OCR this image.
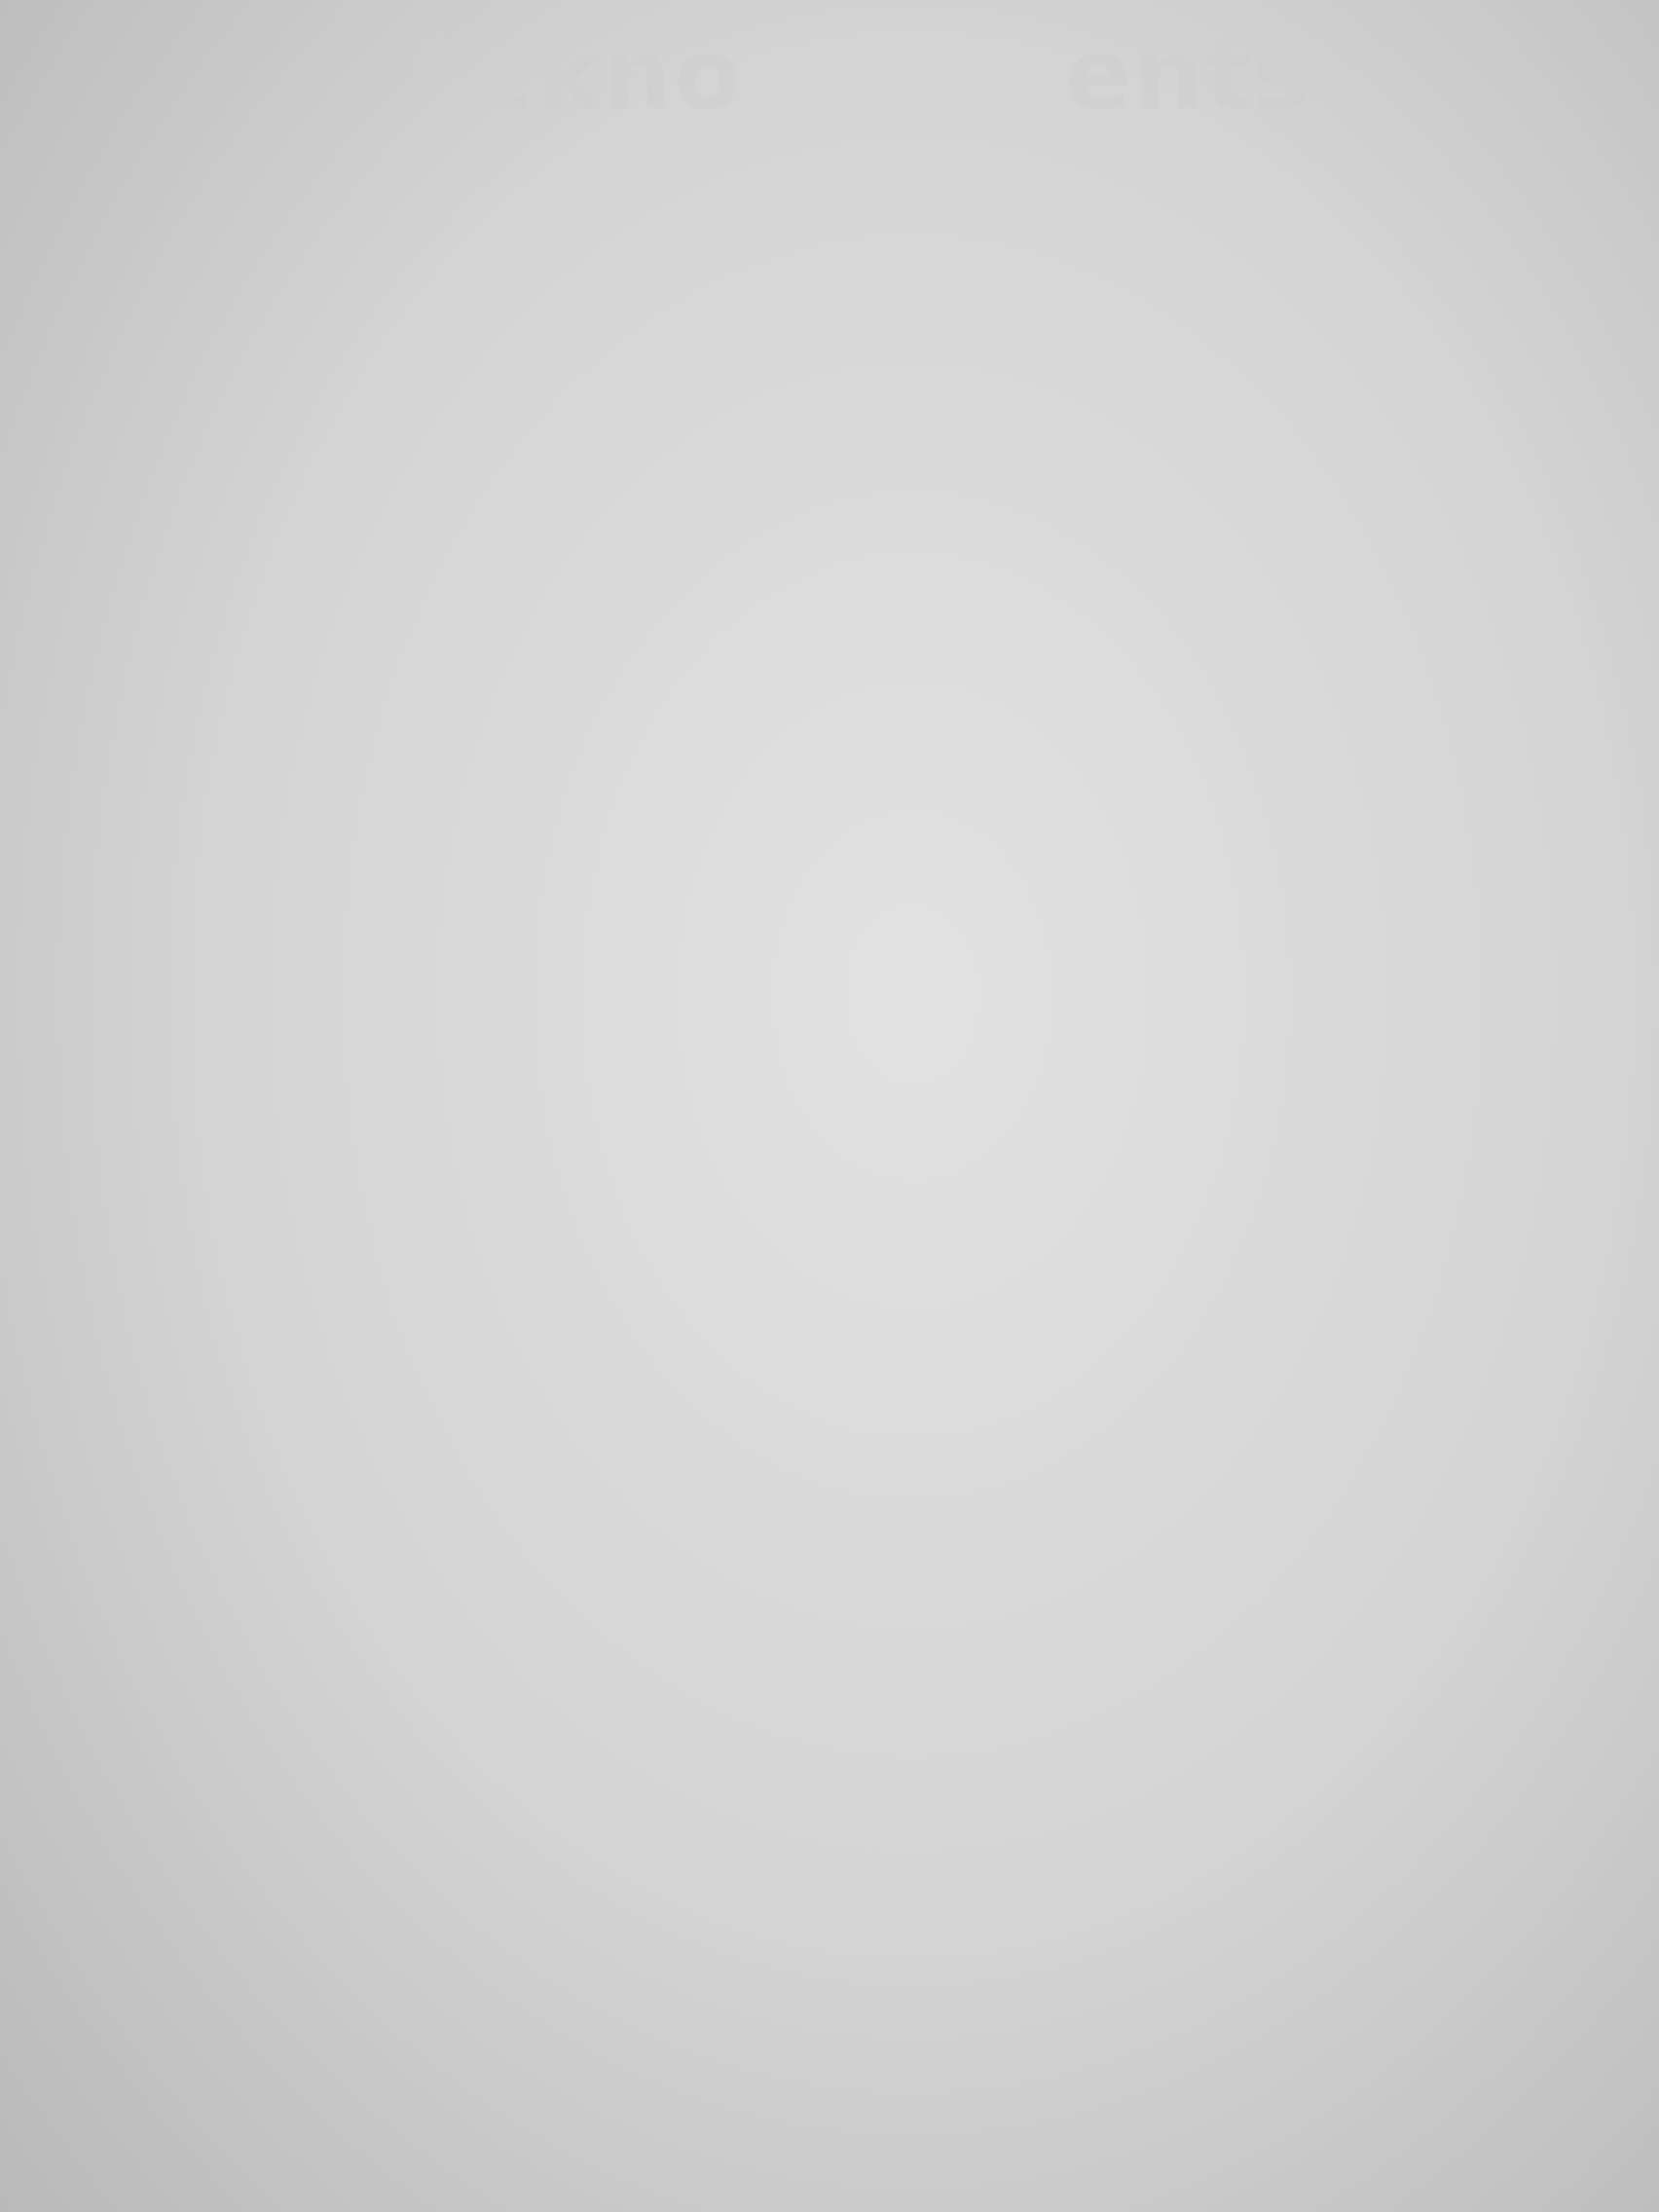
Ackno         ents
